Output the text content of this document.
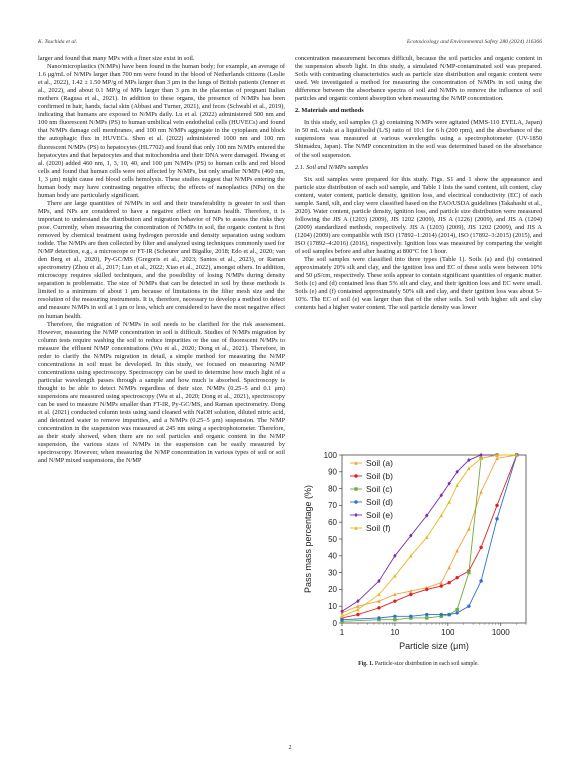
K. Tsuchida et al.	Ecotoxicology and Environmental Safety 280 (2024) 116366

larger and found that many MPs with a finer size exist in soil.

Nano/microplastics (N/MPs) have been found in the human body; for example, an average of 1.6 μg/mL of N/MPs larger than 700 nm were found in the blood of Netherlands citizens (Leslie et al., 2022), 1.42 ± 1.50 MP/g of MPs larger than 3 μm in the lungs of British patients (Jenner et al., 2022), and about 0.1 MP/g of MPs larger than 3 μm in the placentas of pregnant Italian mothers (Ragusa et al., 2021). In addition to these organs, the presence of N/MPs has been confirmed in hair, hands, facial skin (Abbasi and Turner, 2021), and feces (Schwabl et al., 2019), indicating that humans are exposed to N/MPs daily. Lu et al. (2022) administered 500 nm and 100 nm fluorescent N/MPs (PS) to human umbilical vein endothelial cells (HUVECs) and found that N/MPs damage cell membranes, and 100 nm N/MPs aggregate in the cytoplasm and block the autophagic flux in HUVECs. Shen et al. (2022) administered 1000 nm and 100 nm fluorescent N/MPs (PS) to hepatocytes (HL7702) and found that only 100 nm N/MPs entered the hepatocytes and that hepatocytes and that mitochondria and their DNA were damaged. Hwang et al. (2020) added 460 nm, 1, 3, 10, 40, and 100 μm N/MPs (PS) to human cells and red blood cells and found that human cells were not affected by N/MPs, but only smaller N/MPs (460 nm, 1, 3 μm) might cause red blood cells hemolysis. These studies suggest that N/MPs entering the human body may have contrasting negative effects; the effects of nanoplastics (NPs) on the human body are particularly significant.

There are large quantities of N/MPs in soil and their transferability is greater in soil than MPs, and NPs are considered to have a negative effect on human health. Therefore, it is important to understand the distribution and migration behavior of NPs to assess the risks they pose. Currently, when measuring the concentration of N/MPs in soil, the organic content is first removed by chemical treatment using hydrogen peroxide and density separation using sodium iodide. The N/MPs are then collected by filter and analyzed using techniques commonly used for N/MP detection, e.g., a microscope or FT-IR (Scheurer and Bigalke, 2018; Edo et al., 2020; van den Berg et al., 2020), Py-GC/MS (Gregoris et al., 2023; Santos et al., 2023), or Raman spectrometry (Zhou et al., 2017; Luo et al., 2022; Xiao et al., 2022), amongst others. In addition, microscopy requires skilled techniques, and the possibility of losing N/MPs during density separation is problematic. The size of N/MPs that can be detected in soil by these methods is limited to a minimum of about 1 μm because of limitations in the filter mesh size and the resolution of the measuring instruments. It is, therefore, necessary to develop a method to detect and measure N/MPs in soil at 1 μm or less, which are considered to have the most negative effect on human health.

Therefore, the migration of N/MPs in soil needs to be clarified for the risk assessment. However, measuring the N/MP concentration in soil is difficult. Studies of N/MPs migration by column tests require washing the soil to reduce impurities or the use of fluorescent N/MPs to measure the effluent N/MP concentrations (Wu et al., 2020; Dong et al., 2021). Therefore, in order to clarify the N/MPs migration in detail, a simple method for measuring the N/MP concentrations in soil must be developed. In this study, we focused on measuring N/MP concentrations using spectroscopy. Spectroscopy can be used to determine how much light of a particular wavelength passes through a sample and how much is absorbed. Spectroscopy is thought to be able to detect N/MPs regardless of their size. N/MPs (0.25–5 and 0.1 μm) suspensions are measured using spectroscopy (Wu et al., 2020; Dong et al., 2021), spectroscopy can be used to measure N/MPs smaller than FT-IR, Py-GC/MS, and Raman spectrometry. Dong et al. (2021) conducted column tests using sand cleaned with NaOH solution, diluted nitric acid, and deionized water to remove impurities, and a N/MPs (0.25–5 μm) suspension. The N/MP concentration in the suspension was measured at 245 nm using a spectrophotometer. Therefore, as their study showed, when there are no soil particles and organic content in the N/MP suspension, the various sizes of N/MPs in the suspension can be easily measured by spectroscopy. However, when measuring the N/MP concentration in various types of soil or soil and N/MP mixed suspensions, the N/MP

concentration measurement becomes difficult, because the soil particles and organic content in the suspension absorb light. In this study, a simulated N/MP-contaminated soil was prepared. Soils with contrasting characteristics such as particle size distribution and organic content were used. We investigated a method for measuring the concentration of N/MPs in soil using the difference between the absorbance spectra of soil and N/MPs to remove the influence of soil particles and organic content absorption when measuring the N/MP concentration.

2. Materials and methods

In this study, soil samples (3 g) containing N/MPs were agitated (MMS-110 EYELA, Japan) in 50 mL vials at a liquid/solid (L/S) ratio of 10:1 for 6 h (200 rpm), and the absorbance of the suspensions was measured at various wavelengths using a spectrophotometer (UV-1850 Shimadzu, Japan). The N/MP concentration in the soil was determined based on the absorbance of the soil suspension.

2.1. Soil and N/MPs samples

Six soil samples were prepared for this study. Figs. S1 and 1 show the appearance and particle size distribution of each soil sample, and Table 1 lists the sand content, silt content, clay content, water content, particle density, ignition loss, and electrical conductivity (EC) of each sample. Sand, silt, and clay were classified based on the FAO/USDA guidelines (Takahashi et al., 2020). Water content, particle density, ignition loss, and particle size distribution were measured following the JIS A (1203) (2009), JIS 1202 (2009), JIS A (1226) (2009), and JIS A (1204) (2009) standardized methods, respectively. JIS A (1203) (2009), JIS 1202 (2009), and JIS A (1204) (2009) are compatible with ISO (17892–1:2014) (2014), ISO (17892–3:2015) (2015), and ISO (17892–4:2016) (2016), respectively. Ignition loss was measured by comparing the weight of soil samples before and after heating at 800°C for 1 hour.

The soil samples were classified into three types (Table 1). Soils (a) and (b) contained approximately 20% silt and clay, and the ignition loss and EC of these soils were between 10% and 50 μS/cm, respectively. These soils appear to contain significant quantities of organic matter. Soils (c) and (d) contained less than 5% silt and clay, and their ignition loss and EC were small. Soils (e) and (f) contained approximately 50% silt and clay, and their ignition loss was about 5–10%. The EC of soil (e) was larger than that of the other soils. Soil with higher silt and clay contents had a higher water content. The soil particle density was lower

0
10
20
30
40
50
60
70
80
90
100
1	10	100	1000
Particle size (μm)
Pass mass percentage (%)
Soil (a)
Soil (b)
Soil (c)
Soil (d)
Soil (e)
Soil (f)
Fig. 1. Particle-size distribution in each soil sample.
2
